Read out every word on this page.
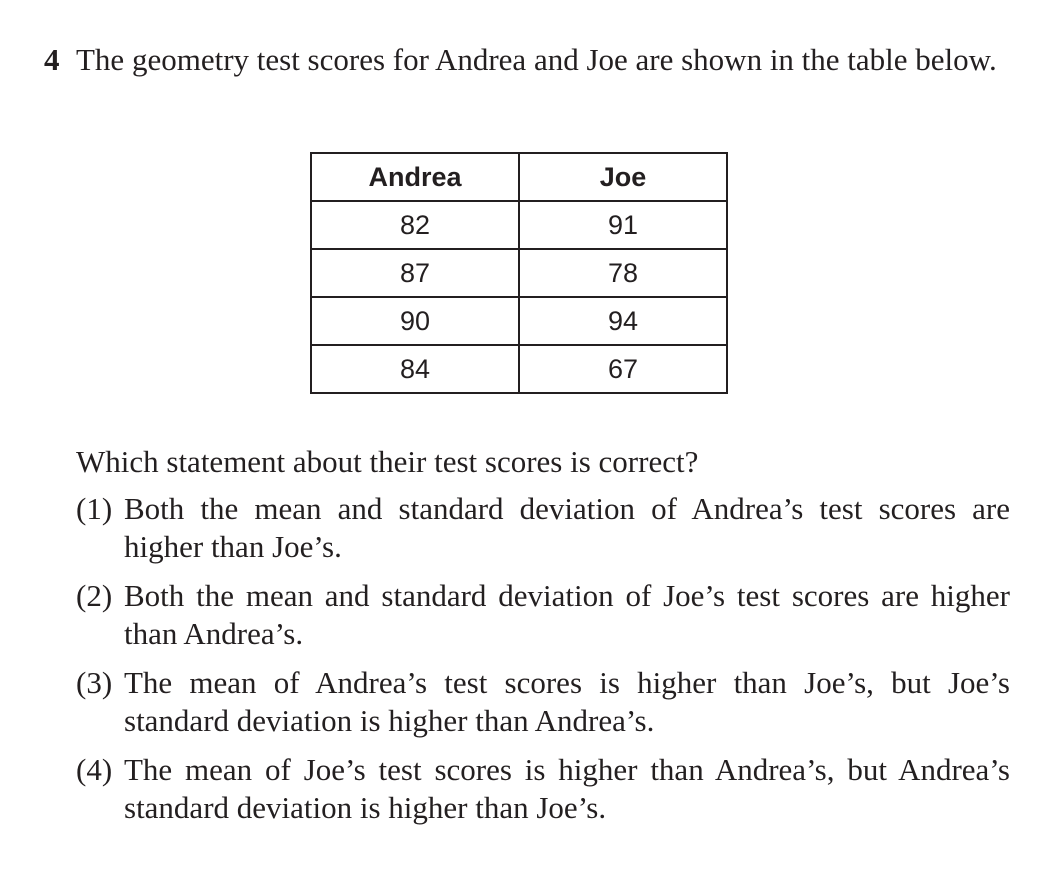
4 The geometry test scores for Andrea and Joe are shown in the table below.
Andrea	Joe
82	91
87	78
90	94
84	67
Which statement about their test scores is correct?
(1) Both the mean and standard deviation of Andrea’s test scores are higher than Joe’s.
(2) Both the mean and standard deviation of Joe’s test scores are higher than Andrea’s.
(3) The mean of Andrea’s test scores is higher than Joe’s, but Joe’s standard deviation is higher than Andrea’s.
(4) The mean of Joe’s test scores is higher than Andrea’s, but Andrea’s standard deviation is higher than Joe’s.
